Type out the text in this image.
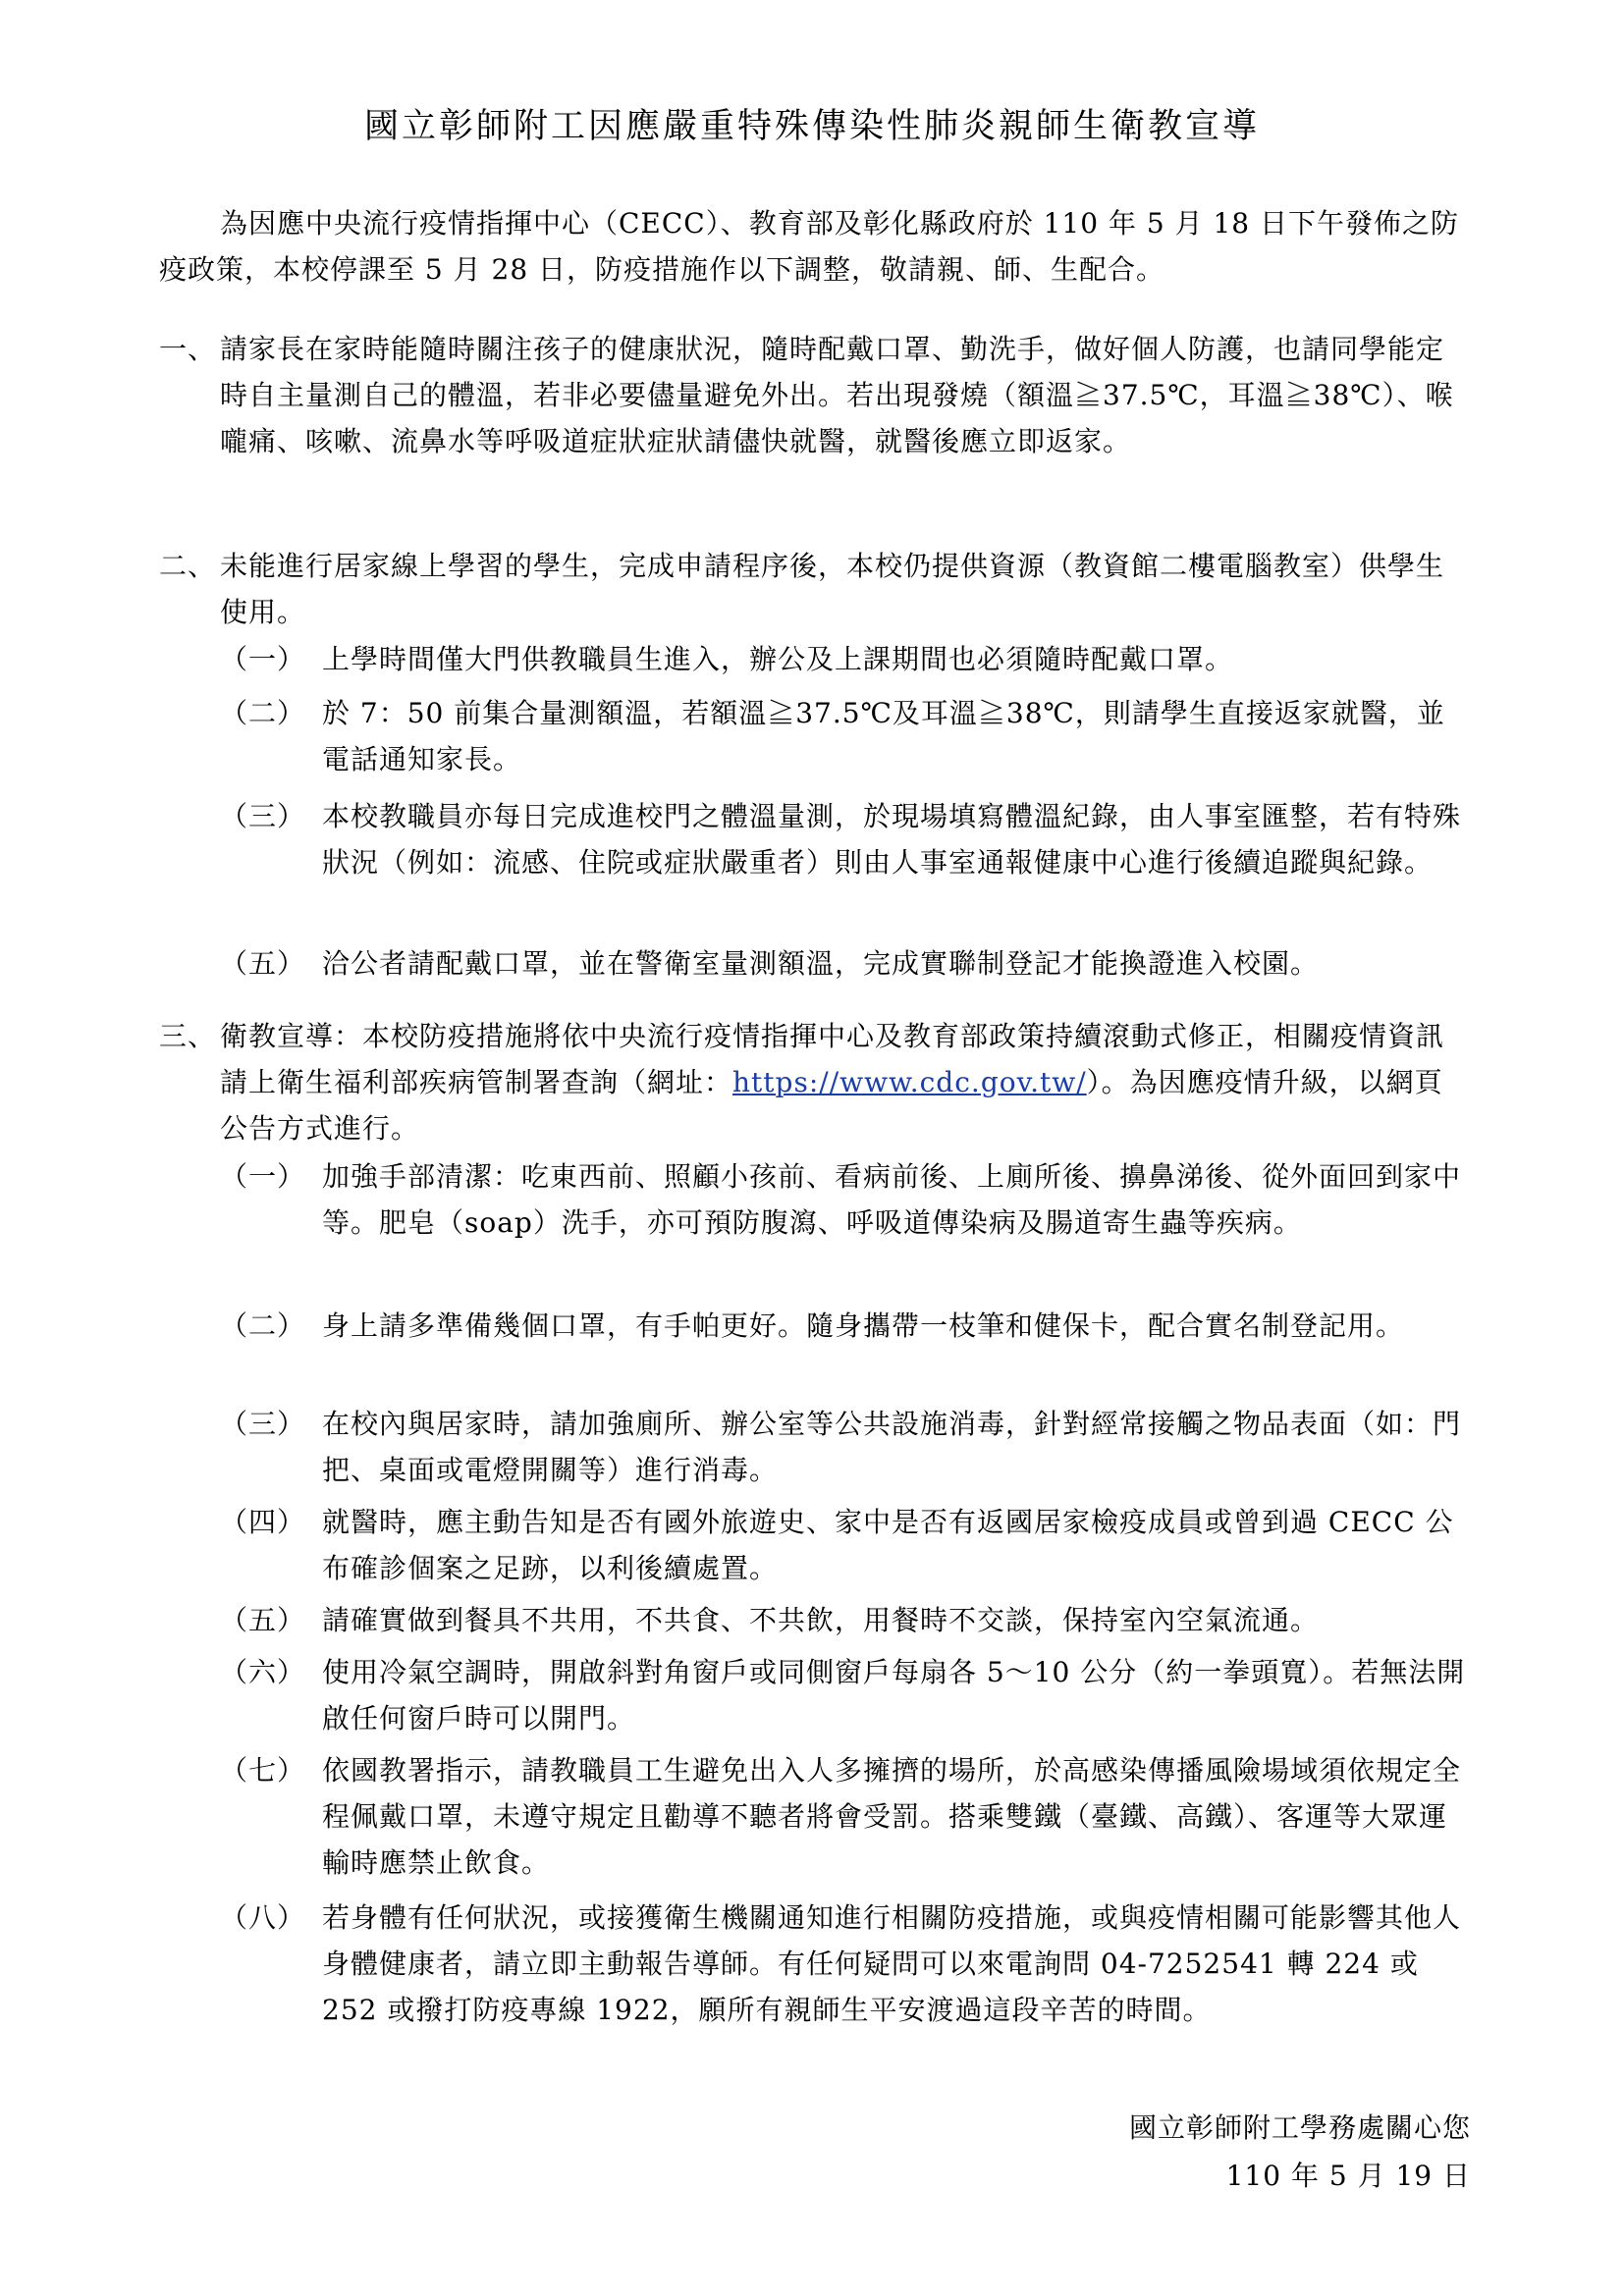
國立彰師附工因應嚴重特殊傳染性肺炎親師生衛教宣導
為因應中央流行疫情指揮中心（CECC）、教育部及彰化縣政府於 110 年 5 月 18 日下午發佈之防疫政策，本校停課至 5 月 28 日，防疫措施作以下調整，敬請親、師、生配合。
一、 請家長在家時能隨時關注孩子的健康狀況，隨時配戴口罩、勤洗手，做好個人防護，也請同學能定時自主量測自己的體溫，若非必要儘量避免外出。若出現發燒（額溫≧37.5℃，耳溫≧38℃）、喉嚨痛、咳嗽、流鼻水等呼吸道症狀症狀請儘快就醫，就醫後應立即返家。
二、 未能進行居家線上學習的學生，完成申請程序後，本校仍提供資源（教資館二樓電腦教室）供學生使用。
（一） 上學時間僅大門供教職員生進入，辦公及上課期間也必須隨時配戴口罩。
（二） 於 7：50 前集合量測額溫，若額溫≧37.5℃及耳溫≧38℃，則請學生直接返家就醫，並電話通知家長。
（三） 本校教職員亦每日完成進校門之體溫量測，於現場填寫體溫紀錄，由人事室匯整，若有特殊狀況（例如：流感、住院或症狀嚴重者）則由人事室通報健康中心進行後續追蹤與紀錄。
（五） 洽公者請配戴口罩，並在警衛室量測額溫，完成實聯制登記才能換證進入校園。
三、 衛教宣導：本校防疫措施將依中央流行疫情指揮中心及教育部政策持續滾動式修正，相關疫情資訊請上衛生福利部疾病管制署查詢（網址：https://www.cdc.gov.tw/）。為因應疫情升級，以網頁公告方式進行。
（一） 加強手部清潔：吃東西前、照顧小孩前、看病前後、上廁所後、擤鼻涕後、從外面回到家中等。肥皂（soap）洗手，亦可預防腹瀉、呼吸道傳染病及腸道寄生蟲等疾病。
（二） 身上請多準備幾個口罩，有手帕更好。隨身攜帶一枝筆和健保卡，配合實名制登記用。
（三） 在校內與居家時，請加強廁所、辦公室等公共設施消毒，針對經常接觸之物品表面（如：門把、桌面或電燈開關等）進行消毒。
（四） 就醫時，應主動告知是否有國外旅遊史、家中是否有返國居家檢疫成員或曾到過 CECC 公布確診個案之足跡，以利後續處置。
（五） 請確實做到餐具不共用，不共食、不共飲，用餐時不交談，保持室內空氣流通。
（六） 使用冷氣空調時，開啟斜對角窗戶或同側窗戶每扇各 5～10 公分（約一拳頭寬）。若無法開啟任何窗戶時可以開門。
（七） 依國教署指示，請教職員工生避免出入人多擁擠的場所，於高感染傳播風險場域須依規定全程佩戴口罩，未遵守規定且勸導不聽者將會受罰。搭乘雙鐵（臺鐵、高鐵）、客運等大眾運輸時應禁止飲食。
（八） 若身體有任何狀況，或接獲衛生機關通知進行相關防疫措施，或與疫情相關可能影響其他人身體健康者，請立即主動報告導師。有任何疑問可以來電詢問 04-7252541 轉 224 或 252 或撥打防疫專線 1922，願所有親師生平安渡過這段辛苦的時間。
國立彰師附工學務處關心您
110 年 5 月 19 日
